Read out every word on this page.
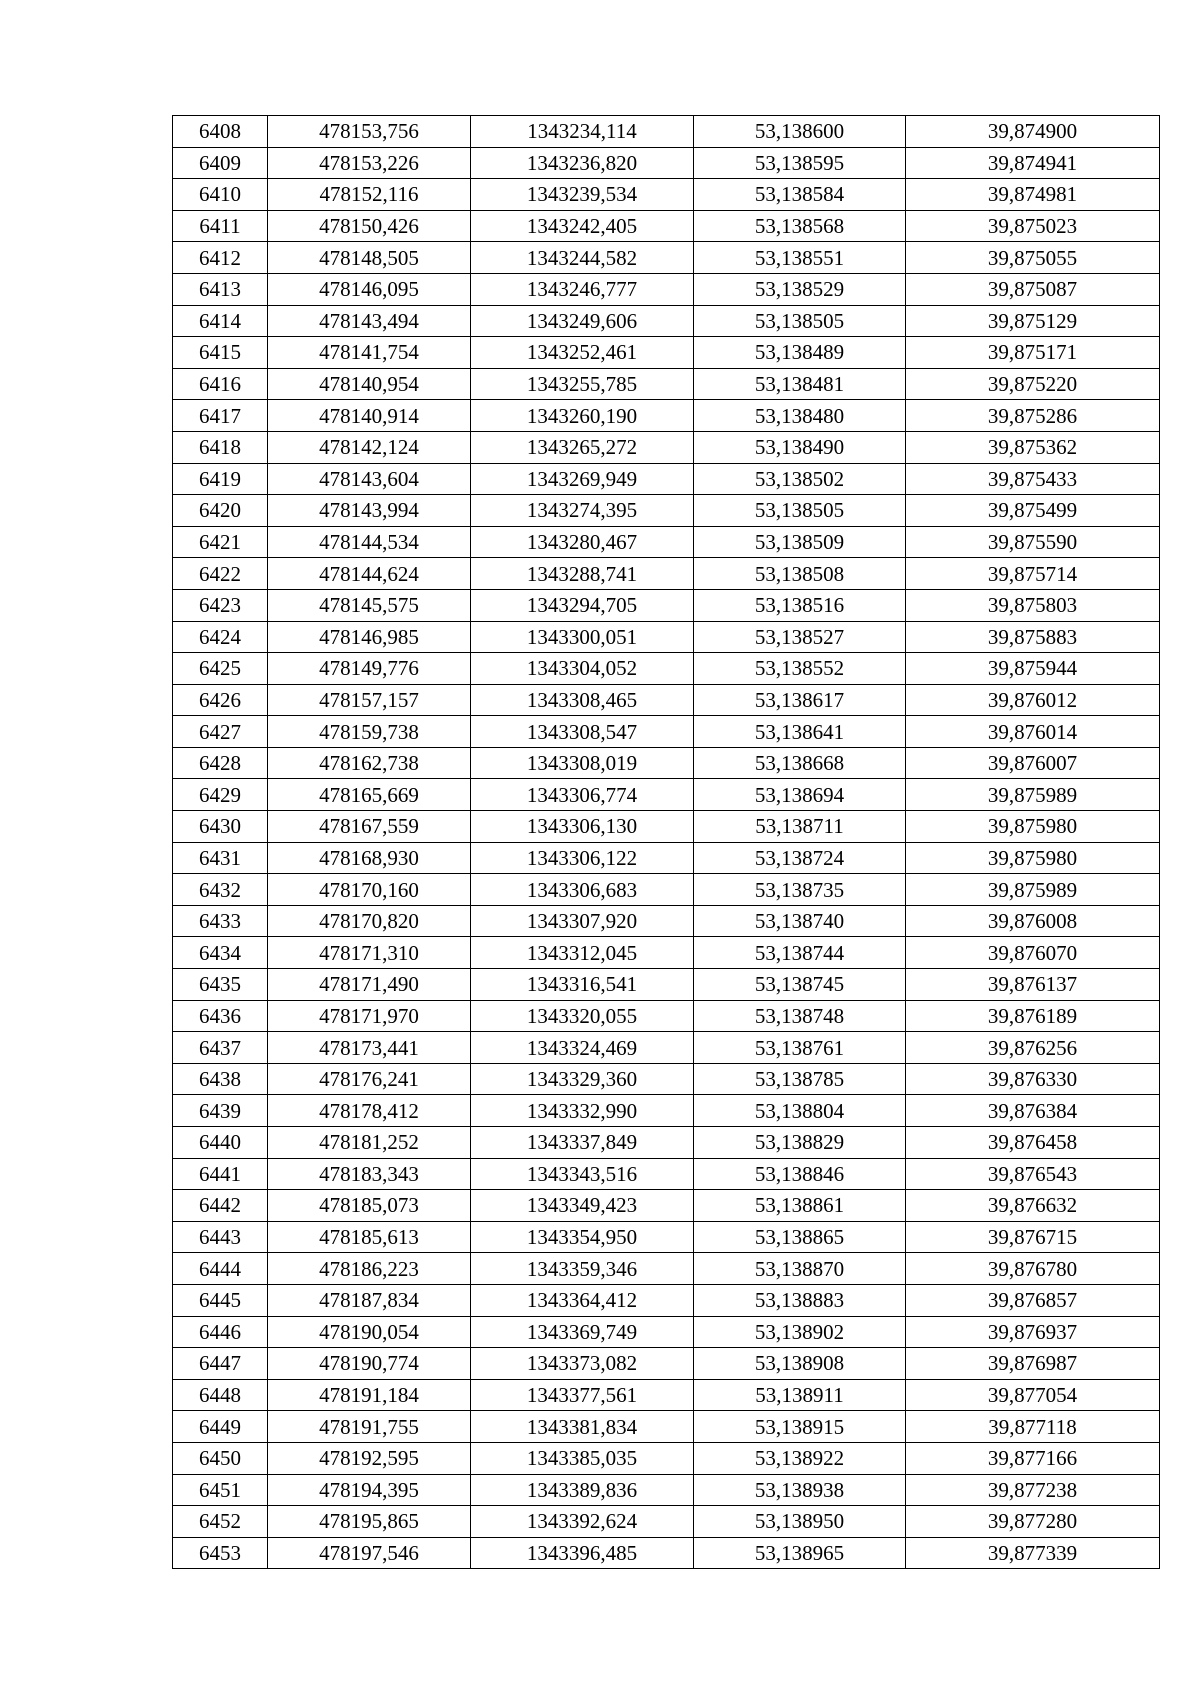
6408	478153,756	1343234,114	53,138600	39,874900
6409	478153,226	1343236,820	53,138595	39,874941
6410	478152,116	1343239,534	53,138584	39,874981
6411	478150,426	1343242,405	53,138568	39,875023
6412	478148,505	1343244,582	53,138551	39,875055
6413	478146,095	1343246,777	53,138529	39,875087
6414	478143,494	1343249,606	53,138505	39,875129
6415	478141,754	1343252,461	53,138489	39,875171
6416	478140,954	1343255,785	53,138481	39,875220
6417	478140,914	1343260,190	53,138480	39,875286
6418	478142,124	1343265,272	53,138490	39,875362
6419	478143,604	1343269,949	53,138502	39,875433
6420	478143,994	1343274,395	53,138505	39,875499
6421	478144,534	1343280,467	53,138509	39,875590
6422	478144,624	1343288,741	53,138508	39,875714
6423	478145,575	1343294,705	53,138516	39,875803
6424	478146,985	1343300,051	53,138527	39,875883
6425	478149,776	1343304,052	53,138552	39,875944
6426	478157,157	1343308,465	53,138617	39,876012
6427	478159,738	1343308,547	53,138641	39,876014
6428	478162,738	1343308,019	53,138668	39,876007
6429	478165,669	1343306,774	53,138694	39,875989
6430	478167,559	1343306,130	53,138711	39,875980
6431	478168,930	1343306,122	53,138724	39,875980
6432	478170,160	1343306,683	53,138735	39,875989
6433	478170,820	1343307,920	53,138740	39,876008
6434	478171,310	1343312,045	53,138744	39,876070
6435	478171,490	1343316,541	53,138745	39,876137
6436	478171,970	1343320,055	53,138748	39,876189
6437	478173,441	1343324,469	53,138761	39,876256
6438	478176,241	1343329,360	53,138785	39,876330
6439	478178,412	1343332,990	53,138804	39,876384
6440	478181,252	1343337,849	53,138829	39,876458
6441	478183,343	1343343,516	53,138846	39,876543
6442	478185,073	1343349,423	53,138861	39,876632
6443	478185,613	1343354,950	53,138865	39,876715
6444	478186,223	1343359,346	53,138870	39,876780
6445	478187,834	1343364,412	53,138883	39,876857
6446	478190,054	1343369,749	53,138902	39,876937
6447	478190,774	1343373,082	53,138908	39,876987
6448	478191,184	1343377,561	53,138911	39,877054
6449	478191,755	1343381,834	53,138915	39,877118
6450	478192,595	1343385,035	53,138922	39,877166
6451	478194,395	1343389,836	53,138938	39,877238
6452	478195,865	1343392,624	53,138950	39,877280
6453	478197,546	1343396,485	53,138965	39,877339
